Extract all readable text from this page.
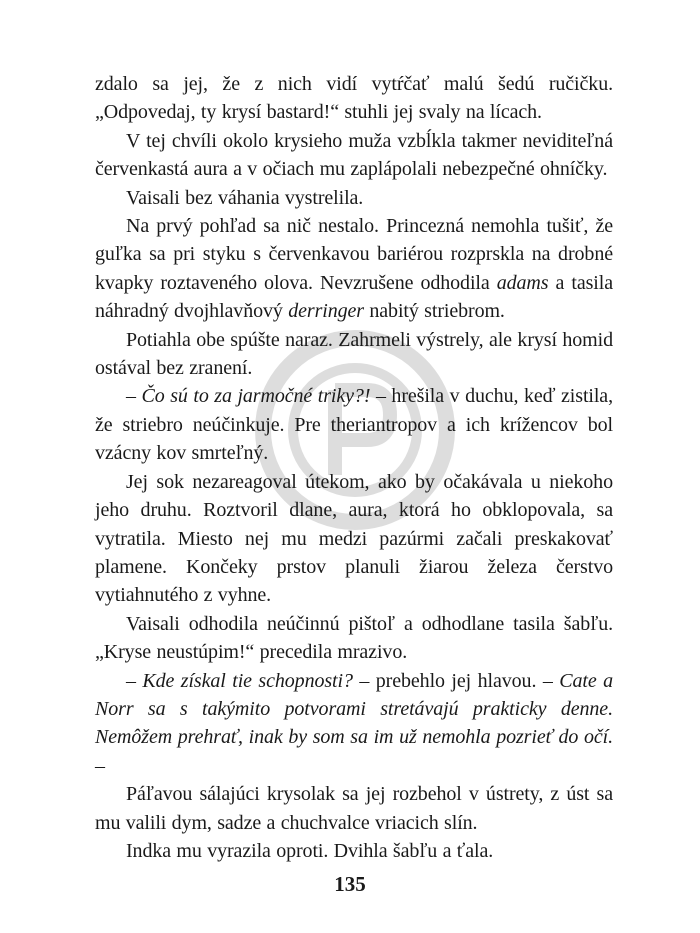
zdalo sa jej, že z nich vidí vytŕčať malú šedú ručičku. „Odpovedaj, ty krysí bastard!“ stuhli jej svaly na lícach.

V tej chvíli okolo krysieho muža vzbĺkla takmer neviditeľná červenkastá aura a v očiach mu zaplápolali nebezpečné ohníčky.

Vaisali bez váhania vystrelila.

Na prvý pohľad sa nič nestalo. Princezná nemohla tušiť, že guľka sa pri styku s červenkavou bariérou rozprskla na drobné kvapky roztaveného olova. Nevzrušene odhodila adams a tasila náhradný dvojhlavňový derringer nabitý striebrom.

Potiahla obe spúšte naraz. Zahrmeli výstrely, ale krysí homid ostával bez zranení.

– Čo sú to za jarmočné triky?! – hrešila v duchu, keď zistila, že striebro neúčinkuje. Pre theriantropov a ich krížencov bol vzácny kov smrteľný.

Jej sok nezareagoval útekom, ako by očakávala u niekoho jeho druhu. Roztvoril dlane, aura, ktorá ho obklopovala, sa vytratila. Miesto nej mu medzi pazúrmi začali preskakovať plamene. Končeky prstov planuli žiarou železa čerstvo vytiahnutého z vyhne.

Vaisali odhodila neúčinnú pištoľ a odhodlane tasila šabľu. „Kryse neustúpim!“ precedila mrazivo.

– Kde získal tie schopnosti? – prebehlo jej hlavou. – Cate a Norr sa s takýmito potvorami stretávajú prakticky denne. Nemôžem prehrať, inak by som sa im už nemohla pozrieť do očí. –

Páľavou sálajúci krysolak sa jej rozbehol v ústrety, z úst sa mu valili dym, sadze a chuchvalce vriacich slín.

Indka mu vyrazila oproti. Dvihla šabľu a ťala.

135
